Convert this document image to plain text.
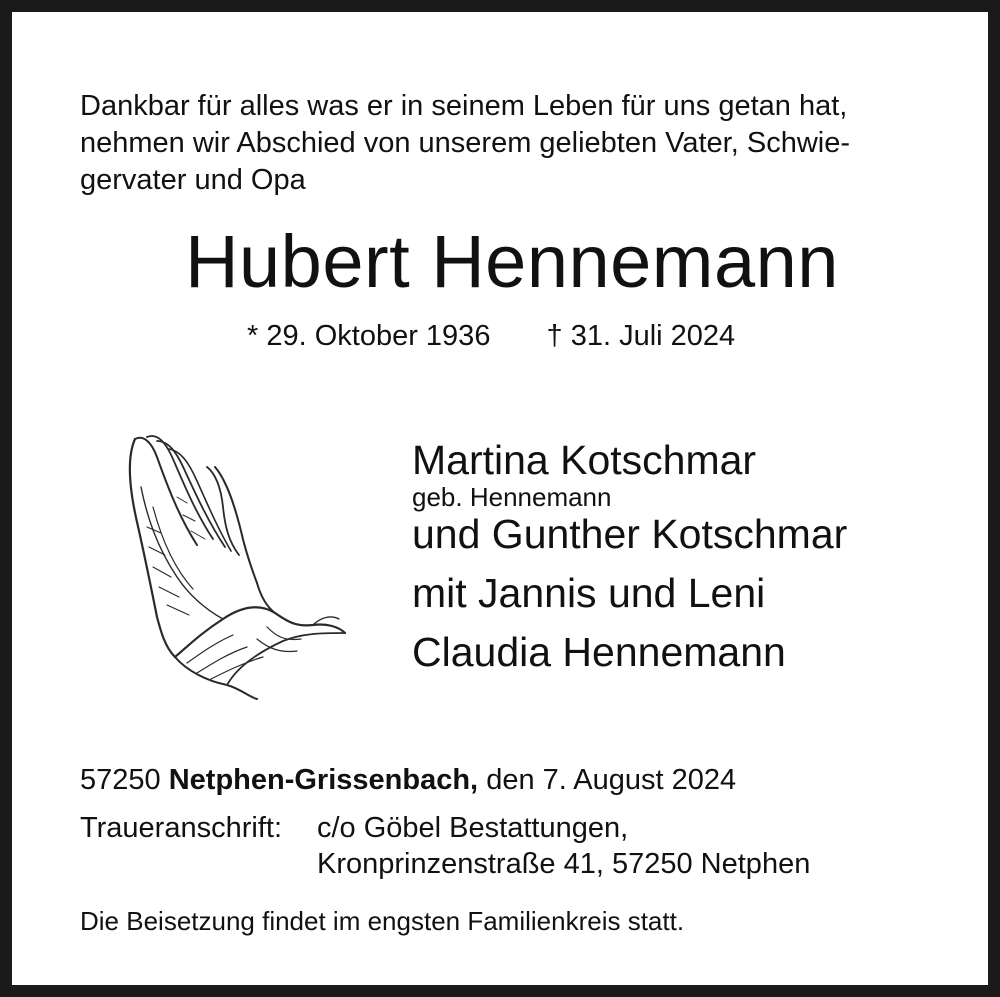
Dankbar für alles was er in seinem Leben für uns getan hat,
nehmen wir Abschied von unserem geliebten Vater, Schwie-
gervater und Opa

Hubert Hennemann
* 29. Oktober 1936 † 31. Juli 2024
Martina Kotschmar
geb. Hennemann
und Gunther Kotschmar
mit Jannis und Leni
Claudia Hennemann
57250 Netphen-Grissenbach, den 7. August 2024
Traueranschrift:	c/o Göbel Bestattungen,
Kronprinzenstraße 41, 57250 Netphen
Die Beisetzung findet im engsten Familienkreis statt.
